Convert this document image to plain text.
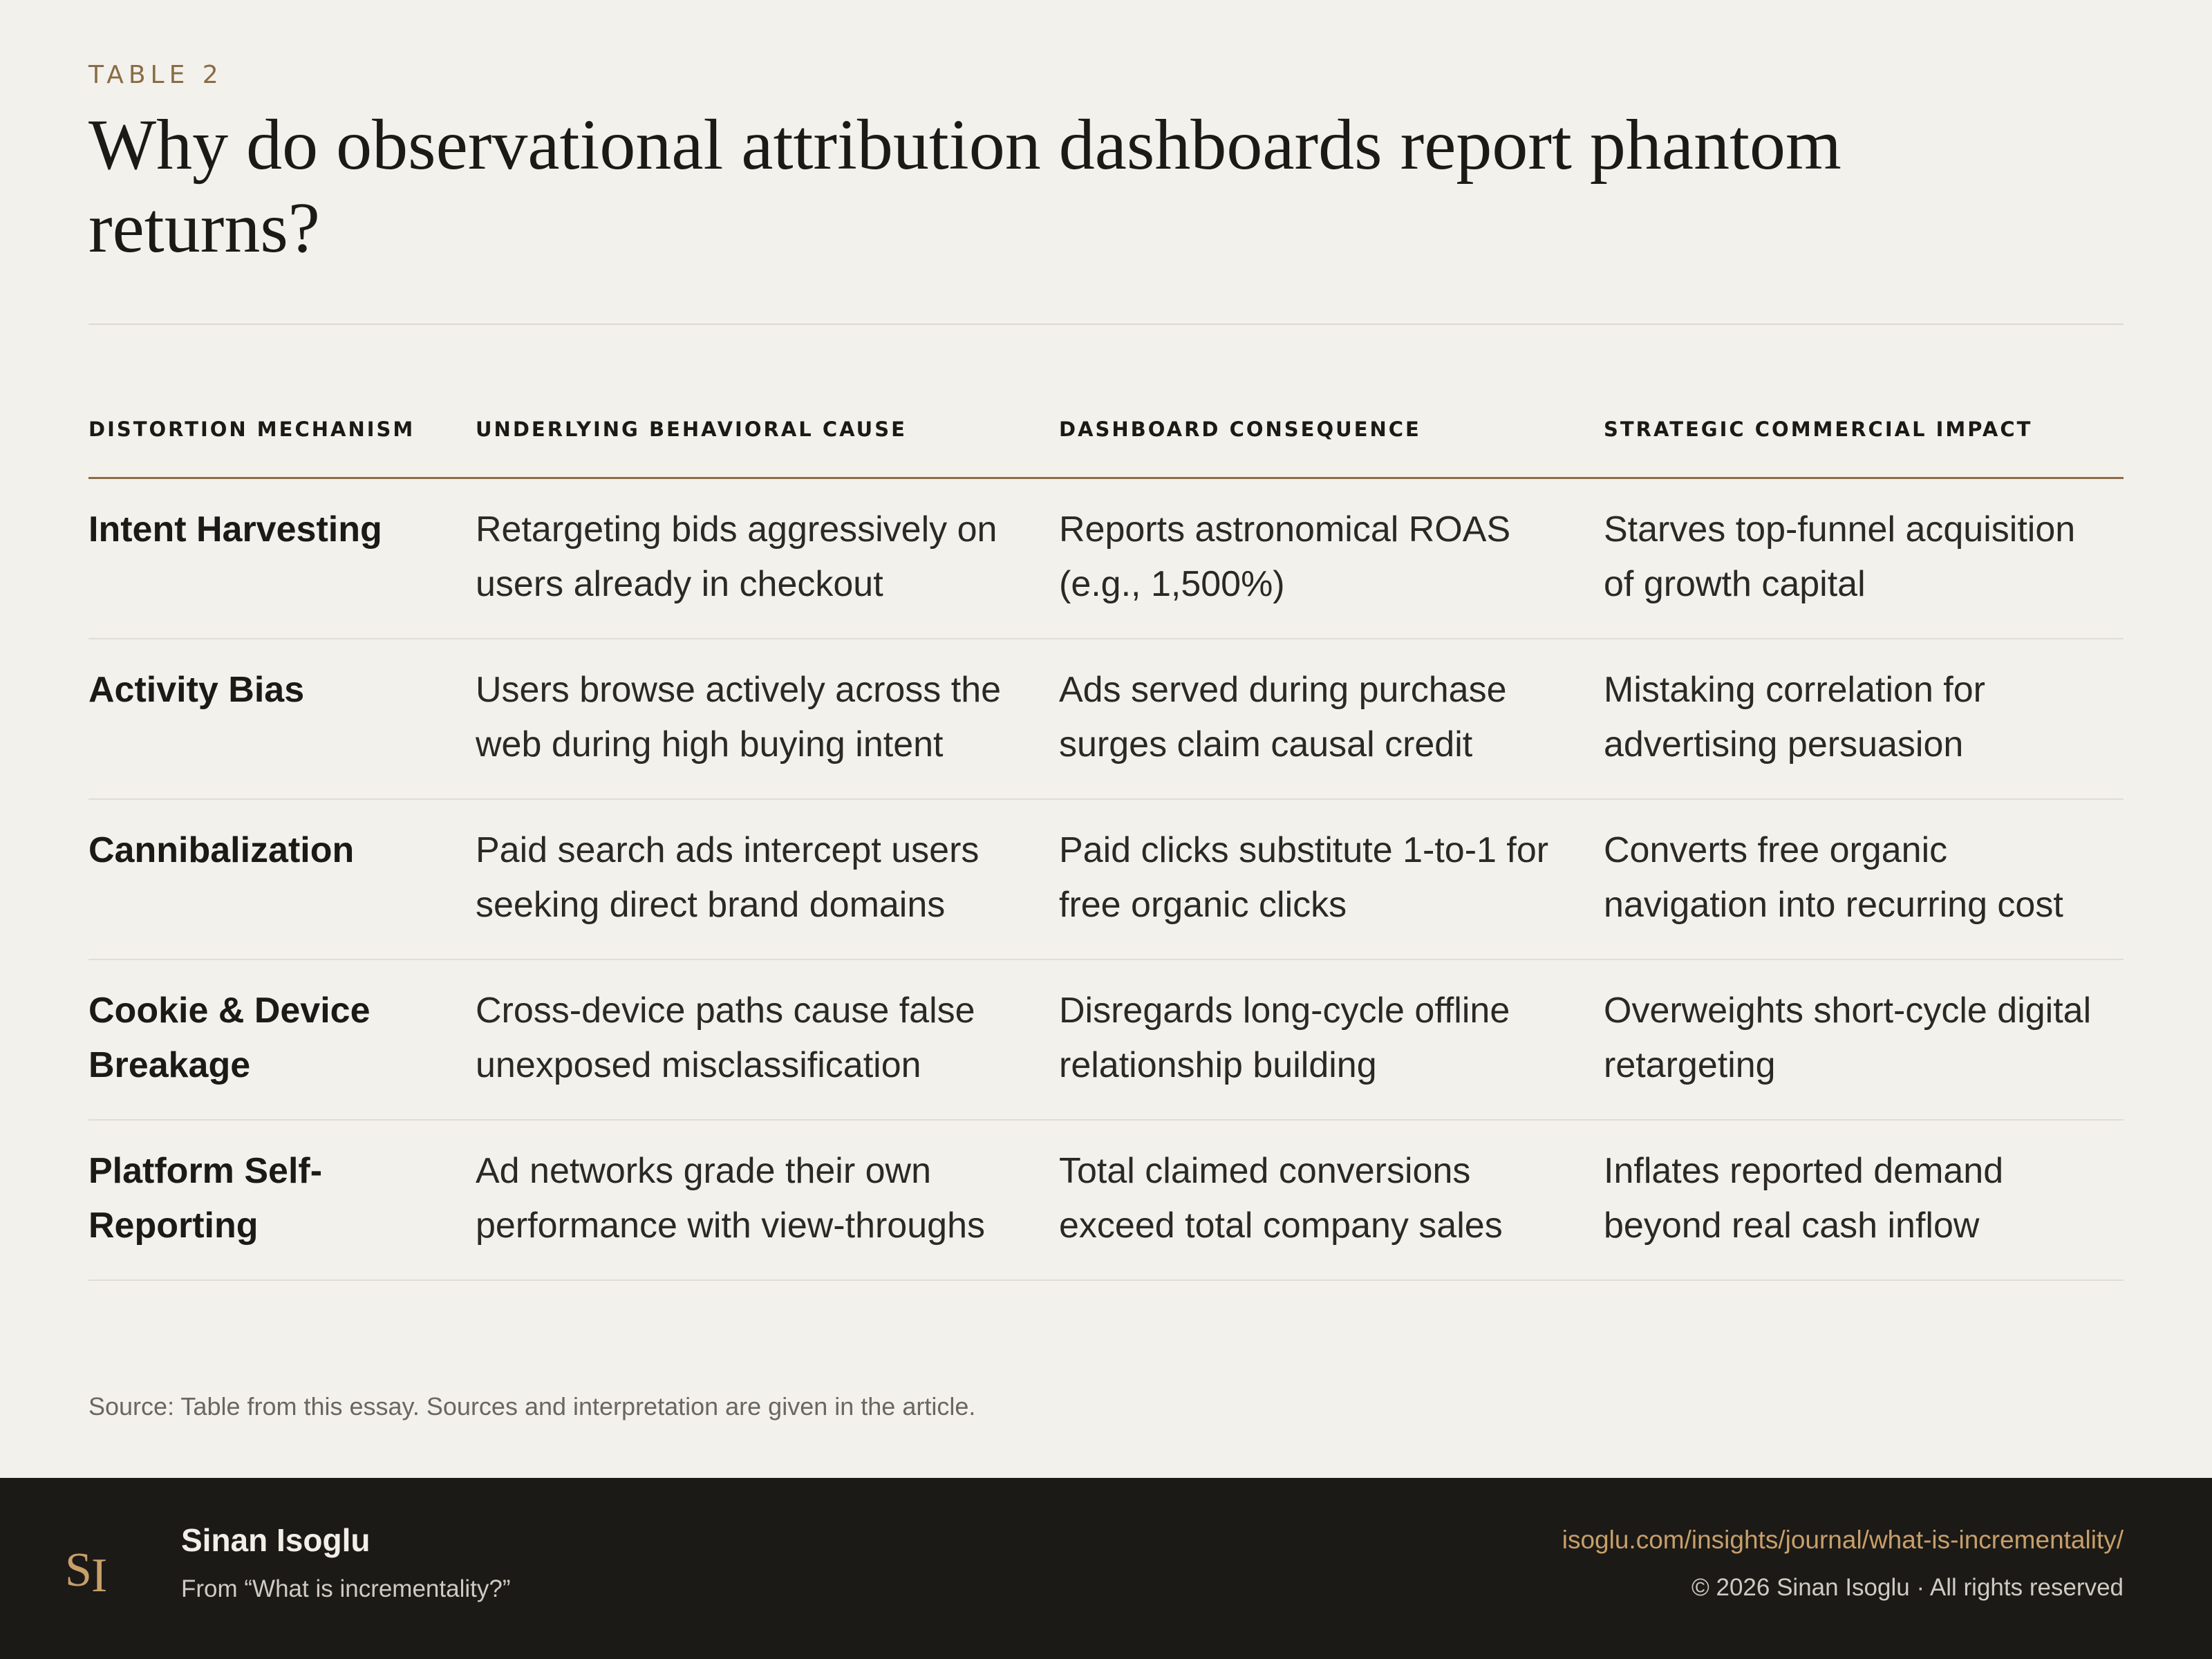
TABLE 2
Why do observational attribution dashboards report phantom returns?
DISTORTION MECHANISM	UNDERLYING BEHAVIORAL CAUSE	DASHBOARD CONSEQUENCE	STRATEGIC COMMERCIAL IMPACT
Intent Harvesting	Retargeting bids aggressively on users already in checkout	Reports astronomical ROAS (e.g., 1,500%)	Starves top-funnel acquisition of growth capital
Activity Bias	Users browse actively across the web during high buying intent	Ads served during purchase surges claim causal credit	Mistaking correlation for advertising persuasion
Cannibalization	Paid search ads intercept users seeking direct brand domains	Paid clicks substitute 1-to-1 for free organic clicks	Converts free organic navigation into recurring cost
Cookie & Device Breakage	Cross-device paths cause false unexposed misclassification	Disregards long-cycle offline relationship building	Overweights short-cycle digital retargeting
Platform Self-Reporting	Ad networks grade their own performance with view-throughs	Total claimed conversions exceed total company sales	Inflates reported demand beyond real cash inflow
Source: Table from this essay. Sources and interpretation are given in the article.
S I
Sinan Isoglu
From “What is incrementality?”
isoglu.com/insights/journal/what-is-incrementality/
© 2026 Sinan Isoglu · All rights reserved
